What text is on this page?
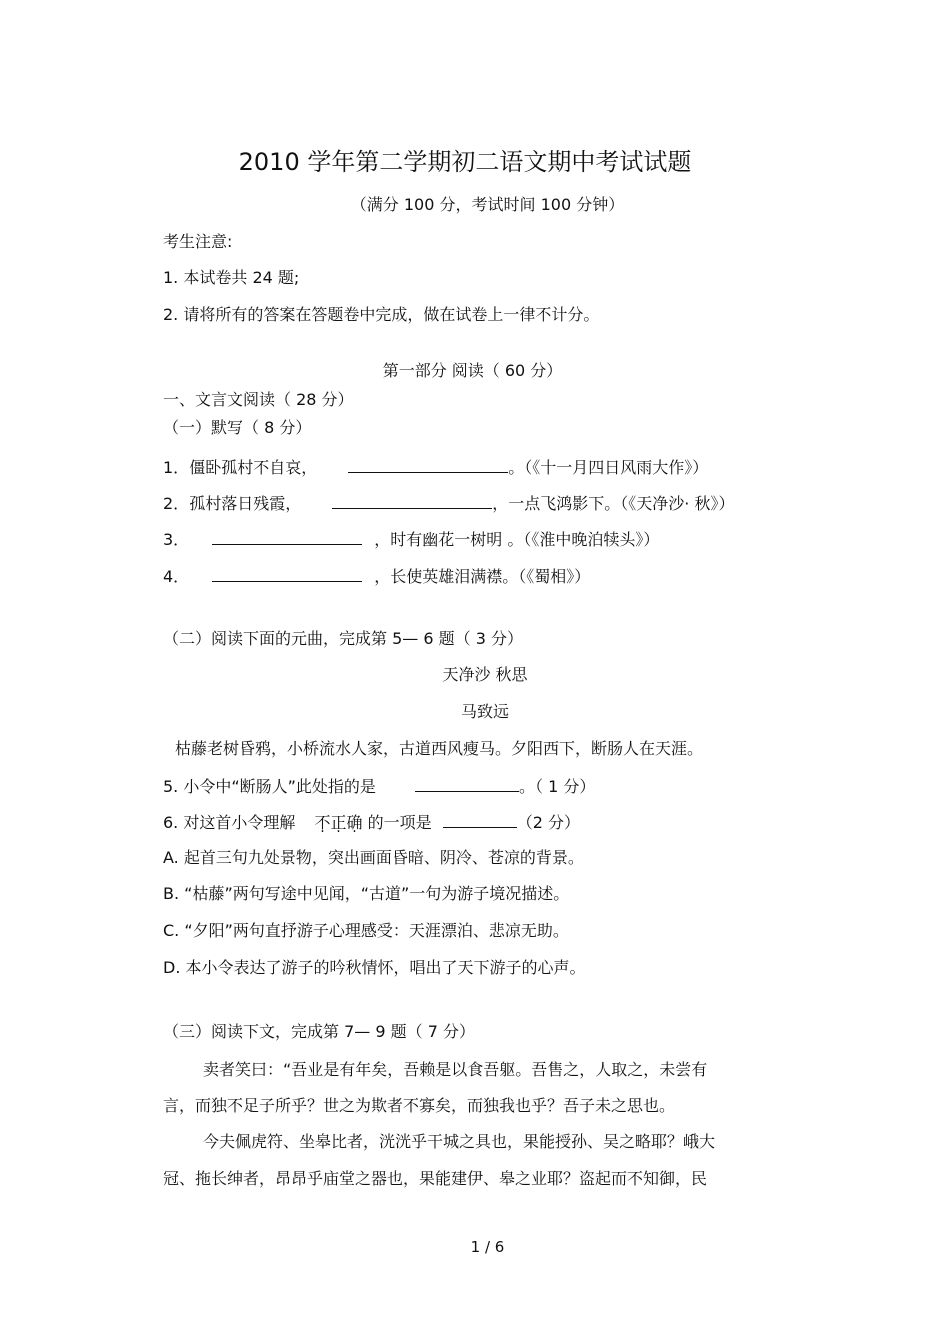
2010 学年第二学期初二语文期中考试试题
（满分 100 分，考试时间 100 分钟）
考生注意:
1. 本试卷共 24 题;
2. 请将所有的答案在答题卷中完成，做在试卷上一律不计分。
第一部分 阅读（ 60 分）
一、文言文阅读（ 28 分）
（一）默写（ 8 分）
1．僵卧孤村不自哀，	。（《十一月四日风雨大作》）
2．孤村落日残霞，	，一点飞鸿影下。（《天净沙· 秋》）
3．	，时有幽花一树明 。（《淮中晚泊犊头》）
4．	，长使英雄泪满襟。（《蜀相》）
（二）阅读下面的元曲，完成第 5— 6 题（ 3 分）
天净沙 秋思
马致远
枯藤老树昏鸦，小桥流水人家，古道西风瘦马。夕阳西下，断肠人在天涯。
5. 小令中“断肠人”此处指的是	。（ 1 分）
6. 对这首小令理解 不正确 的一项是	（2 分）
A. 起首三句九处景物，突出画面昏暗、阴冷、苍凉的背景。
B. “枯藤”两句写途中见闻，“古道”一句为游子境况描述。
C. “夕阳”两句直抒游子心理感受：天涯漂泊、悲凉无助。
D. 本小令表达了游子的吟秋情怀，唱出了天下游子的心声。
（三）阅读下文，完成第 7— 9 题（ 7 分）
卖者笑曰：“吾业是有年矣，吾赖是以食吾躯。吾售之，人取之，未尝有
言，而独不足子所乎？世之为欺者不寡矣，而独我也乎？吾子未之思也。
今夫佩虎符、坐皋比者，洸洸乎干城之具也，果能授孙、吴之略耶？峨大
冠、拖长绅者，昂昂乎庙堂之器也，果能建伊、皋之业耶？盗起而不知御，民
1 / 6
